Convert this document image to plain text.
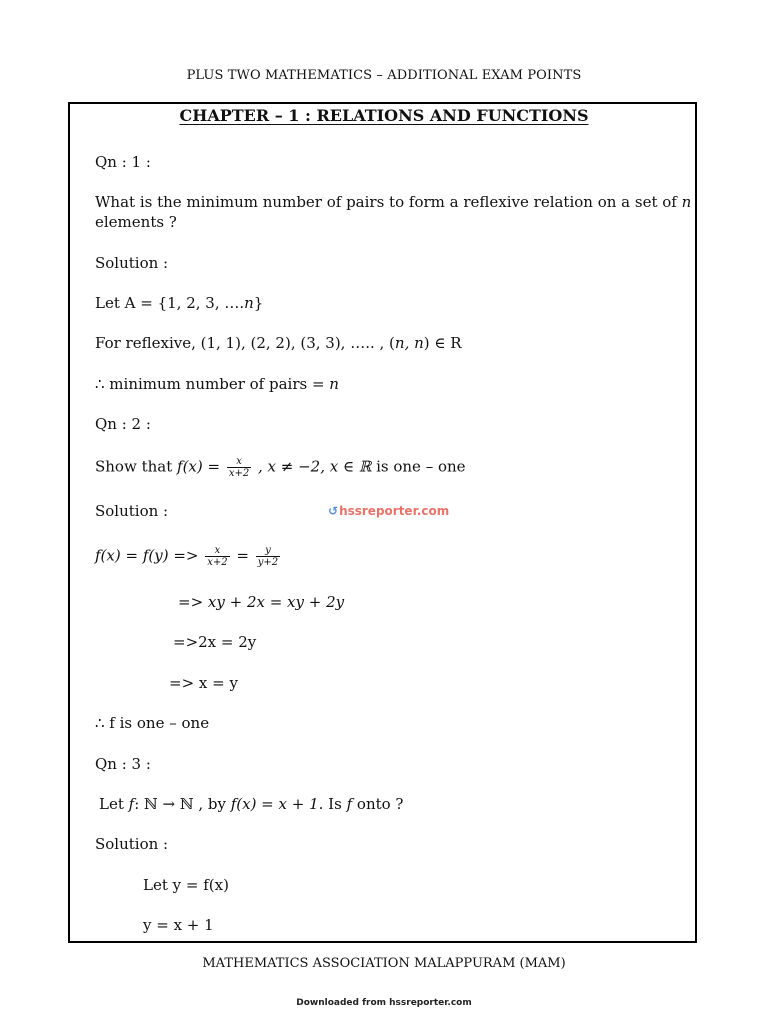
PLUS TWO MATHEMATICS – ADDITIONAL EXAM POINTS
CHAPTER – 1 : RELATIONS AND FUNCTIONS
Qn : 1 :
What is the minimum number of pairs to form a reflexive relation on a set of n
elements ?
Solution :
Let A = {1, 2, 3, ….n}
For reflexive, (1, 1), (2, 2), (3, 3), ….. , (n, n) ∈ R
∴ minimum number of pairs = n
Qn : 2 :
Show that $f(x) = \frac{x}{x+2}$ , x ≠ −2, x ∈ ℝ is one – one
Solution :
$f(x) = f(y) => \frac{x}{x+2} = \frac{y}{y+2}$
=> xy + 2x = xy + 2y
=>2x = 2y
=> x = y
∴ f is one – one
↺hssreporter.com
Qn : 3 :
Let f: ℕ → ℕ , by f(x) = x + 1. Is f onto ?
Solution :
Let y = f(x)
y = x + 1
MATHEMATICS ASSOCIATION MALAPPURAM (MAM)
Downloaded from hssreporter.com
